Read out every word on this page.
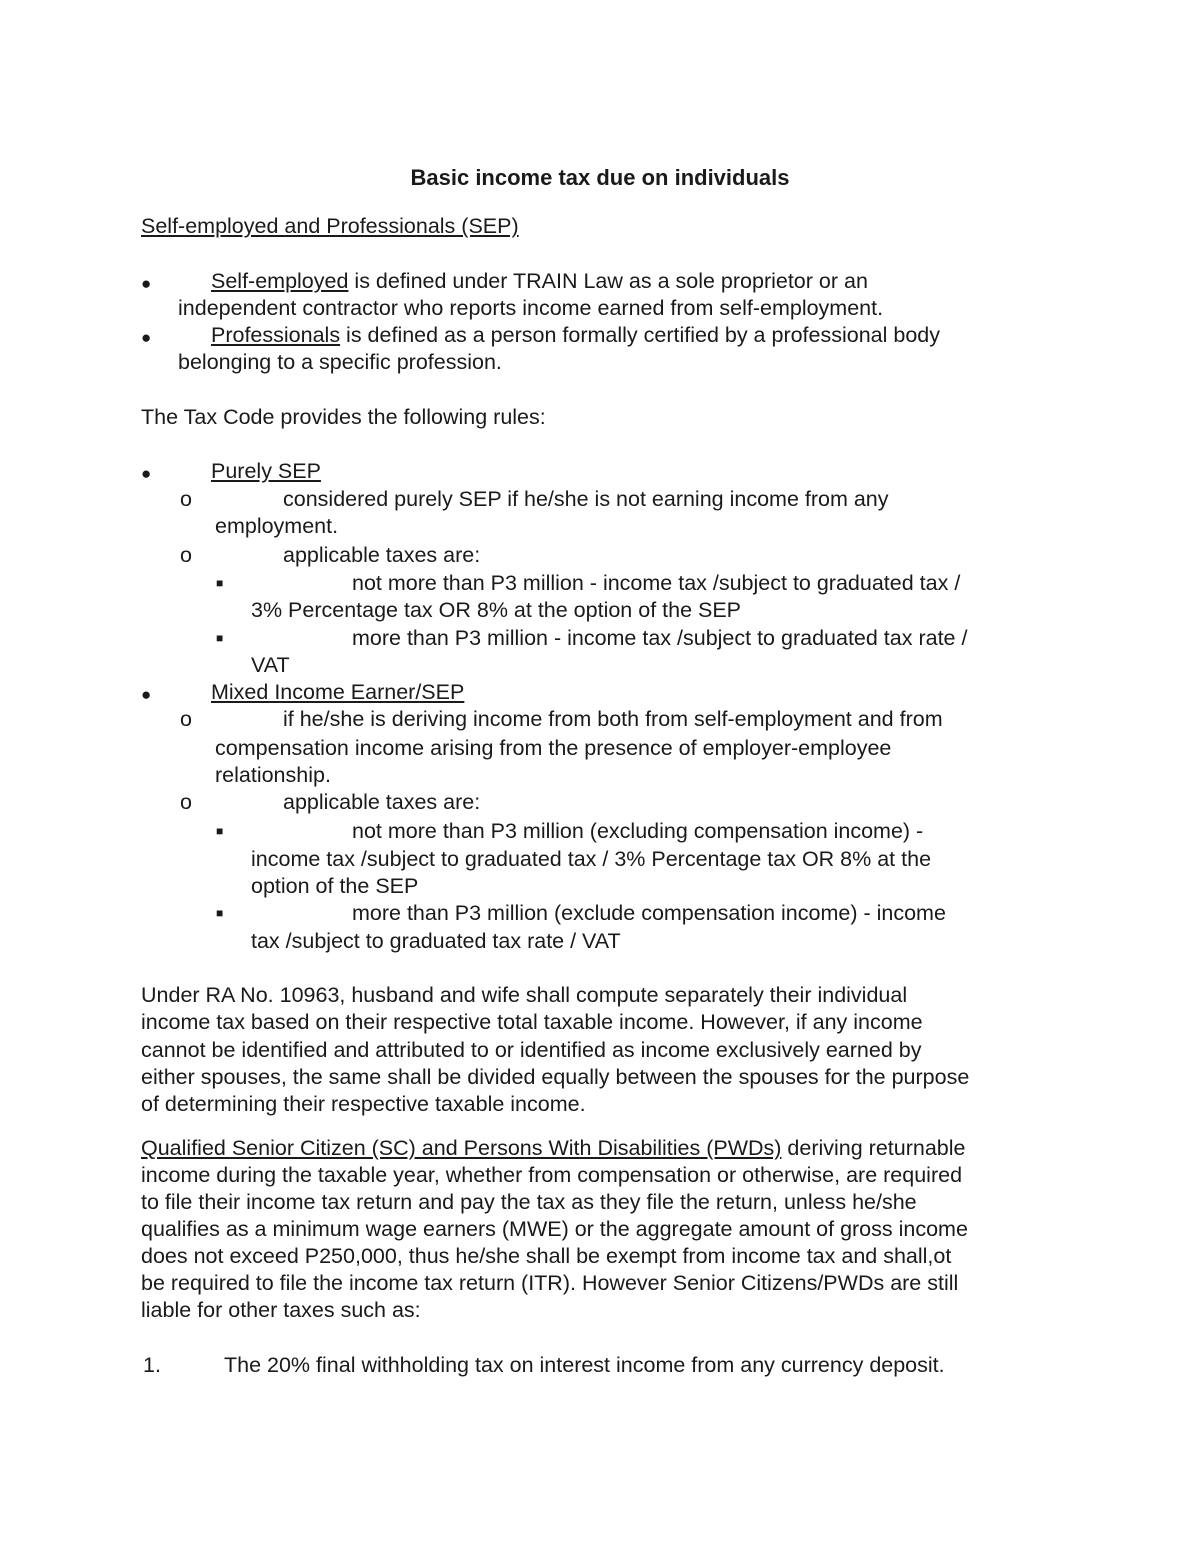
Basic income tax due on individuals
Self-employed and Professionals (SEP)
●	Self-employed is defined under TRAIN Law as a sole proprietor or an
independent contractor who reports income earned from self-employment.
●	Professionals is defined as a person formally certified by a professional body
belonging to a specific profession.
The Tax Code provides the following rules:
●	Purely SEP
o	considered purely SEP if he/she is not earning income from any
employment.
o	applicable taxes are:
■	not more than P3 million - income tax /subject to graduated tax /
3% Percentage tax OR 8% at the option of the SEP
■	more than P3 million - income tax /subject to graduated tax rate /
VAT
●	Mixed Income Earner/SEP
o	if he/she is deriving income from both from self-employment and from
compensation income arising from the presence of employer-employee
relationship.
o	applicable taxes are:
■	not more than P3 million (excluding compensation income) -
income tax /subject to graduated tax / 3% Percentage tax OR 8% at the
option of the SEP
■	more than P3 million (exclude compensation income) - income
tax /subject to graduated tax rate / VAT
Under RA No. 10963, husband and wife shall compute separately their individual
income tax based on their respective total taxable income. However, if any income
cannot be identified and attributed to or identified as income exclusively earned by
either spouses, the same shall be divided equally between the spouses for the purpose
of determining their respective taxable income.
Qualified Senior Citizen (SC) and Persons With Disabilities (PWDs) deriving returnable
income during the taxable year, whether from compensation or otherwise, are required
to file their income tax return and pay the tax as they file the return, unless he/she
qualifies as a minimum wage earners (MWE) or the aggregate amount of gross income
does not exceed P250,000, thus he/she shall be exempt from income tax and shall,ot
be required to file the income tax return (ITR). However Senior Citizens/PWDs are still
liable for other taxes such as:
1.	The 20% final withholding tax on interest income from any currency deposit.
